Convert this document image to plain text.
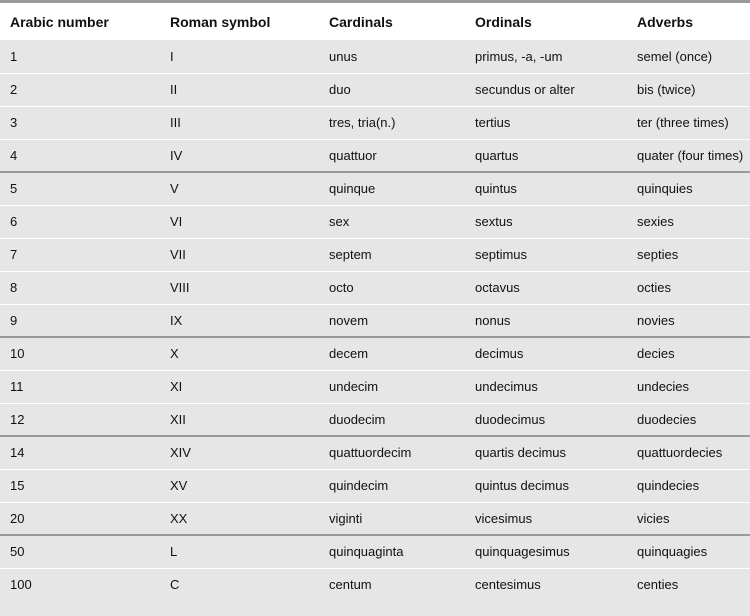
Arabic number	Roman symbol	Cardinals	Ordinals	Adverbs
1	I	unus	primus, -a, -um	semel (once)
2	II	duo	secundus or alter	bis (twice)
3	III	tres, tria(n.)	tertius	ter (three times)
4	IV	quattuor	quartus	quater (four times)
5	V	quinque	quintus	quinquies
6	VI	sex	sextus	sexies
7	VII	septem	septimus	septies
8	VIII	octo	octavus	octies
9	IX	novem	nonus	novies
10	X	decem	decimus	decies
11	XI	undecim	undecimus	undecies
12	XII	duodecim	duodecimus	duodecies
14	XIV	quattuordecim	quartis decimus	quattuordecies
15	XV	quindecim	quintus decimus	quindecies
20	XX	viginti	vicesimus	vicies
50	L	quinquaginta	quinquagesimus	quinquagies
100	C	centum	centesimus	centies
